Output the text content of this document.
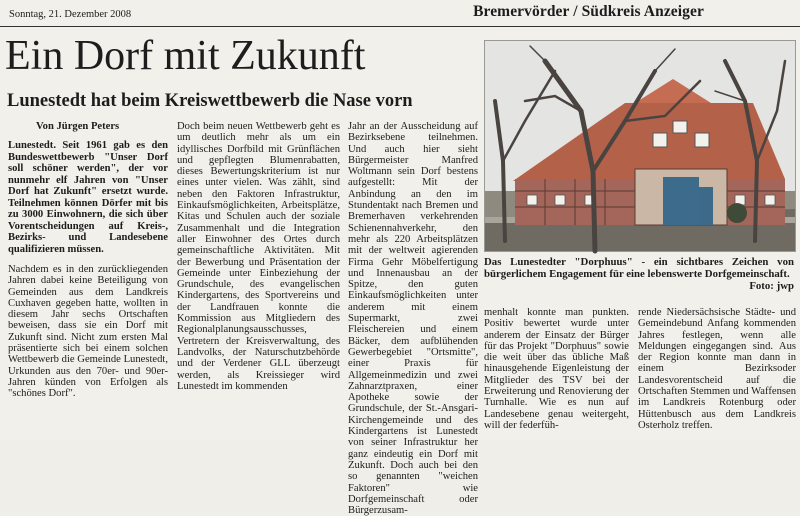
Sonntag, 21. Dezember 2008	Bremervörder / Südkreis Anzeiger
Ein Dorf mit Zukunft
Lunestedt hat beim Kreiswettbewerb die Nase vorn
Von Jürgen Peters

Lunestedt. Seit 1961 gab es den Bundeswettbewerb "Unser Dorf soll schöner werden", der vor nunmehr elf Jahren von "Unser Dorf hat Zukunft" ersetzt wurde. Teilnehmen können Dörfer mit bis zu 3000 Einwohnern, die sich über Vorentscheidungen auf Kreis-, Bezirks- und Landesebene qualifizieren müssen.

Nachdem es in den zurückliegenden Jahren dabei keine Beteiligung von Gemeinden aus dem Landkreis Cuxhaven gegeben hatte, wollten in diesem Jahr sechs Ortschaften beweisen, dass sie ein Dorf mit Zukunft sind. Nicht zum ersten Mal präsentierte sich bei einem solchen Wettbewerb die Gemeinde Lunestedt, Urkunden aus den 70er- und 90er-Jahren künden von Erfolgen als "schönes Dorf".

Doch beim neuen Wettbewerb geht es um deutlich mehr als um ein idyllisches Dorfbild mit Grünflächen und gepflegten Blumenrabatten, dieses Bewertungskriterium ist nur eines unter vielen. Was zählt, sind neben den Faktoren Infrastruktur, Einkaufsmöglichkeiten, Arbeitsplätze, Kitas und Schulen auch der soziale Zusammenhalt und die Integration aller Einwohner des Ortes durch gemeinschaftliche Aktivitäten. Mit der Bewerbung und Präsentation der Gemeinde unter Einbeziehung der Grundschule, des evangelischen Kindergartens, des Sportvereins und der Landfrauen konnte die Kommission aus Mitgliedern des Regionalplanungsausschusses, Vertretern der Kreisverwaltung, des Landvolks, der Naturschutzbehörde und der Verdener GLL überzeugt werden, als Kreissieger wird Lunestedt im kommenden

Jahr an der Ausscheidung auf Bezirksebene teilnehmen. Und auch hier sieht Bürgermeister Manfred Woltmann sein Dorf bestens aufgestellt: Mit der Anbindung an den im Stundentakt nach Bremen und Bremerhaven verkehrenden Schienennahverkehr, den mehr als 220 Arbeitsplätzen mit der weltweit agierenden Firma Gehr Möbelfertigung und Innenausbau an der Spitze, den guten Einkaufsmöglichkeiten unter anderem mit einem Supermarkt, zwei Fleischereien und einem Bäcker, dem aufblühenden Gewerbegebiet "Ortsmitte", einer Praxis für Allgemeinmedizin und zwei Zahnarztpraxen, einer Apotheke sowie der Grundschule, der St.-Ansgari-Kirchengemeinde und des Kindergartens ist Lunestedt von seiner Infrastruktur her ganz eindeutig ein Dorf mit Zukunft. Doch auch bei den so genannten "weichen Faktoren" wie Dorfgemeinschaft oder Bürgerzusam-

Das Lunestedter "Dorphuus" - ein sichtbares Zeichen von bürgerlichem Engagement für eine lebenswerte Dorfgemeinschaft.
Foto: jwp

menhalt konnte man punkten. Positiv bewertet wurde unter anderem der Einsatz der Bürger für das Projekt "Dorphuus" sowie die weit über das übliche Maß hinausgehende Eigenleistung der Mitglieder des TSV bei der Erweiterung und Renovierung der Turnhalle. Wie es nun auf Landesebene genau weitergeht, will der federfüh-

rende Niedersächsische Städte- und Gemeindebund Anfang kommenden Jahres festlegen, wenn alle Meldungen eingegangen sind. Aus der Region konnte man dann in einem Bezirksoder Landesvorentscheid auf die Ortschaften Stemmen und Waffensen im Landkreis Rotenburg oder Hüttenbusch aus dem Landkreis Osterholz treffen.
